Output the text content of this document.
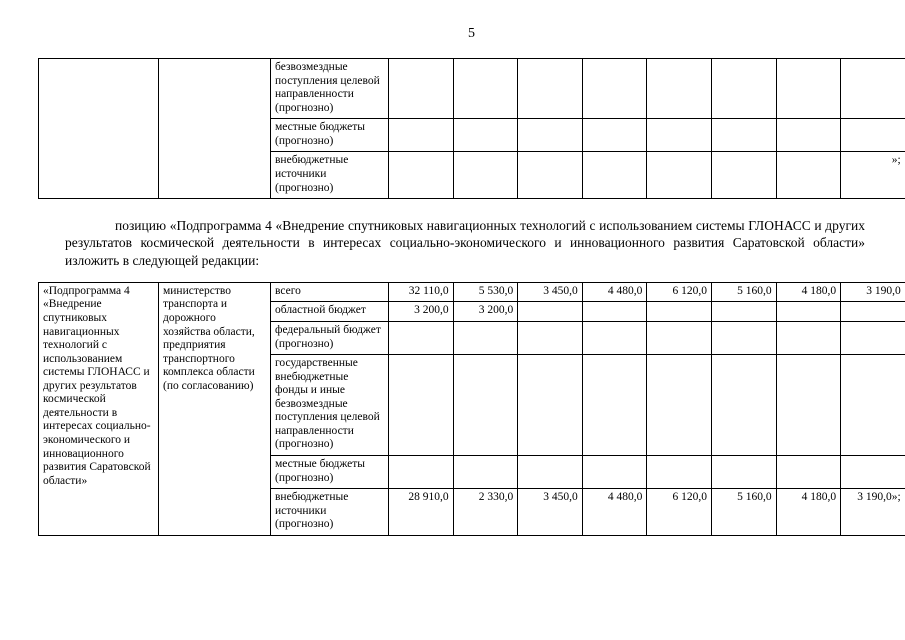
5
		безвозмездные поступления целевой направленности (прогнозно)								
		местные бюджеты (прогнозно)								
		внебюджетные источники (прогнозно)								»;

позицию «Подпрограмма 4 «Внедрение спутниковых навигационных технологий с использованием системы ГЛОНАСС и других результатов космической деятельности в интересах социально-экономического и инновационного развития Саратовской области» изложить в следующей редакции:

«Подпрограмма 4 «Внедрение спутниковых навигационных технологий с использованием системы ГЛОНАСС и других результатов космической деятельности в интересах социально-экономического и инновационного развития Саратовской области»	министерство транспорта и дорожного хозяйства области, предприятия транспортного комплекса области (по согласованию)	всего	32 110,0	5 530,0	3 450,0	4 480,0	6 120,0	5 160,0	4 180,0	3 190,0
		областной бюджет	3 200,0	3 200,0						
		федеральный бюджет (прогнозно)								
		государственные внебюджетные фонды и иные безвозмездные поступления целевой направленности (прогнозно)								
		местные бюджеты (прогнозно)								
		внебюджетные источники (прогнозно)	28 910,0	2 330,0	3 450,0	4 480,0	6 120,0	5 160,0	4 180,0	3 190,0»;
